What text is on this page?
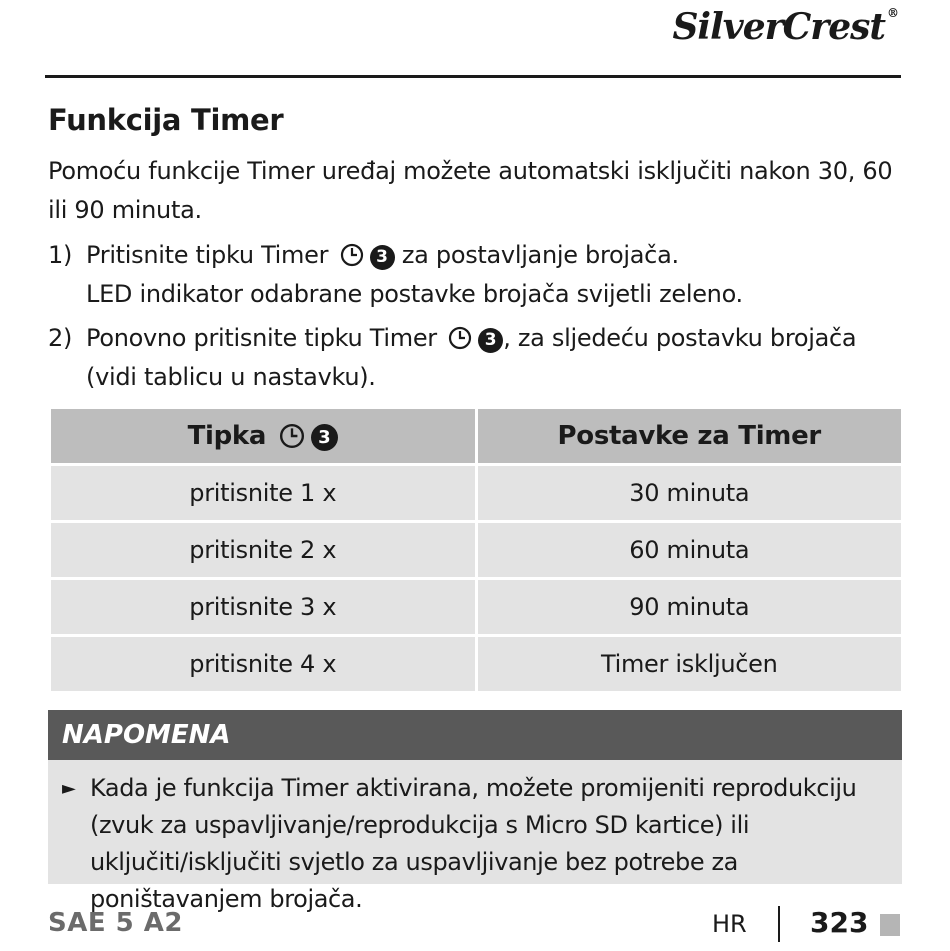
SilverCrest ®
Funkcija Timer
Pomoću funkcije Timer uređaj možete automatski isključiti nakon 30, 60 ili 90 minuta.
1) Pritisnite tipku Timer	3 za postavljanje brojača.
LED indikator odabrane postavke brojača svijetli zeleno.
2) Ponovno pritisnite tipku Timer	3 , za sljedeću postavku brojača
(vidi tablicu u nastavku).
Tipka 3	Postavke za Timer
pritisnite 1 x	30 minuta
pritisnite 2 x	60 minuta
pritisnite 3 x	90 minuta
pritisnite 4 x	Timer isključen
NAPOMENA
► Kada je funkcija Timer aktivirana, možete promijeniti reprodukciju (zvuk za uspavljivanje/reprodukcija s Micro SD kartice) ili uključiti/isključiti svjetlo za uspavljivanje bez potrebe za poništavanjem brojača.
SAE 5 A2	HR 323
